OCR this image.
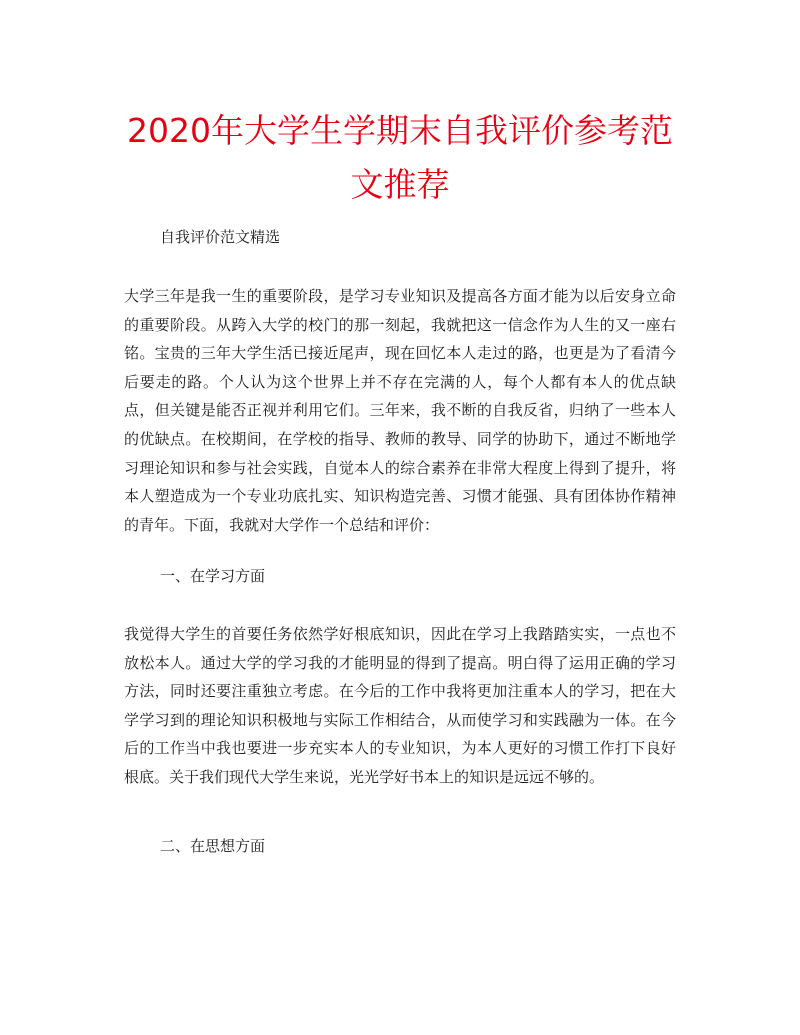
2020年大学生学期末自我评价参考范文推荐

自我评价范文精选

大学三年是我一生的重要阶段，是学习专业知识及提高各方面才能为以后安身立命的重要阶段。从跨入大学的校门的那一刻起，我就把这一信念作为人生的又一座右铭。宝贵的三年大学生活已接近尾声，现在回忆本人走过的路，也更是为了看清今后要走的路。个人认为这个世界上并不存在完满的人，每个人都有本人的优点缺点，但关键是能否正视并利用它们。三年来，我不断的自我反省，归纳了一些本人的优缺点。在校期间，在学校的指导、教师的教导、同学的协助下，通过不断地学习理论知识和参与社会实践，自觉本人的综合素养在非常大程度上得到了提升，将本人塑造成为一个专业功底扎实、知识构造完善、习惯才能强、具有团体协作精神的青年。下面，我就对大学作一个总结和评价：

一、在学习方面

我觉得大学生的首要任务依然学好根底知识，因此在学习上我踏踏实实，一点也不放松本人。通过大学的学习我的才能明显的得到了提高。明白得了运用正确的学习方法，同时还要注重独立考虑。在今后的工作中我将更加注重本人的学习，把在大学学习到的理论知识积极地与实际工作相结合，从而使学习和实践融为一体。在今后的工作当中我也要进一步充实本人的专业知识，为本人更好的习惯工作打下良好根底。关于我们现代大学生来说，光光学好书本上的知识是远远不够的。

二、在思想方面
